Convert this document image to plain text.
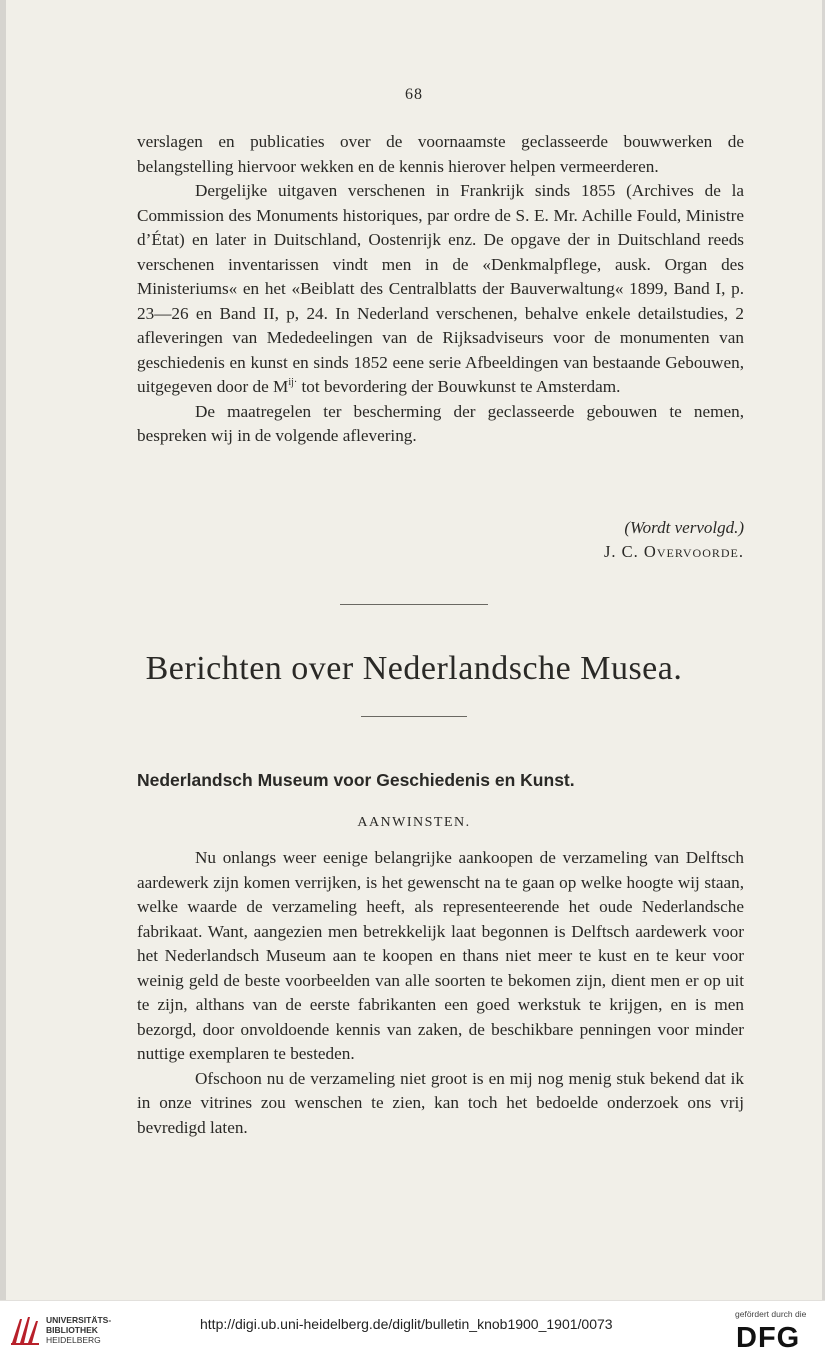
68

verslagen en publicaties over de voornaamste geclasseerde bouwwerken de belangstelling hiervoor wekken en de kennis hierover helpen vermeerderen.

Dergelijke uitgaven verschenen in Frankrijk sinds 1855 (Archives de la Commission des Monuments historiques, par ordre de S. E. Mr. Achille Fould, Ministre d’État) en later in Duitschland, Oostenrijk enz. De opgave der in Duitschland reeds verschenen inventarissen vindt men in de «Denkmalpflege, ausk. Organ des Ministeriums« en het «Beiblatt des Centralblatts der Bauverwaltung« 1899, Band I, p. 23—26 en Band II, p, 24. In Nederland verschenen, behalve enkele detailstudies, 2 afleveringen van Mededeelingen van de Rijksadviseurs voor de monumenten van geschiedenis en kunst en sinds 1852 eene serie Afbeeldingen van bestaande Gebouwen, uitgegeven door de $M^{ij\cdot}$ tot bevordering der Bouwkunst te Amsterdam.

De maatregelen ter bescherming der geclasseerde gebouwen te nemen, bespreken wij in de volgende aflevering.

(Wordt vervolgd.)
J. C. Overvoorde.
Berichten over Nederlandsche Musea.
Nederlandsch Museum voor Geschiedenis en Kunst.
AANWINSTEN.

Nu onlangs weer eenige belangrijke aankoopen de verzameling van Delftsch aardewerk zijn komen verrijken, is het gewenscht na te gaan op welke hoogte wij staan, welke waarde de verzameling heeft, als representeerende het oude Nederlandsche fabrikaat. Want, aangezien men betrekkelijk laat begonnen is Delftsch aardewerk voor het Nederlandsch Museum aan te koopen en thans niet meer te kust en te keur voor weinig geld de beste voorbeelden van alle soorten te bekomen zijn, dient men er op uit te zijn, althans van de eerste fabrikanten een goed werkstuk te krijgen, en is men bezorgd, door onvoldoende kennis van zaken, de beschikbare penningen voor minder nuttige exemplaren te besteden.

Ofschoon nu de verzameling niet groot is en mij nog menig stuk bekend dat ik in onze vitrines zou wenschen te zien, kan toch het bedoelde onderzoek ons vrij bevredigd laten.

UNIVERSITÄTS-
BIBLIOTHEK
HEIDELBERG
http://digi.ub.uni-heidelberg.de/diglit/bulletin_knob1900_1901/0073
gefördert durch die
DFG
